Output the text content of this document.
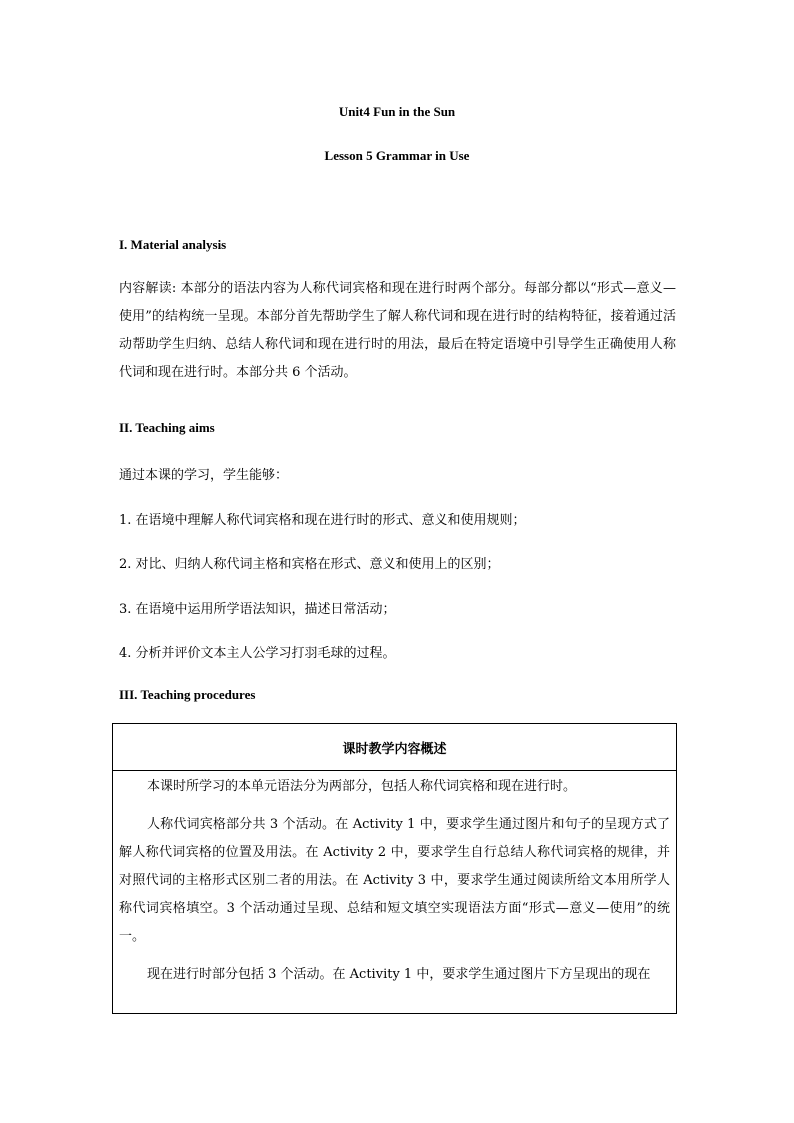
Unit4 Fun in the Sun
Lesson 5 Grammar in Use
I. Material analysis
内容解读: 本部分的语法内容为人称代词宾格和现在进行时两个部分。每部分都以“形式—意义—使用”的结构统一呈现。本部分首先帮助学生了解人称代词和现在进行时的结构特征，接着通过活动帮助学生归纳、总结人称代词和现在进行时的用法，最后在特定语境中引导学生正确使用人称代词和现在进行时。本部分共 6 个活动。
II. Teaching aims
通过本课的学习，学生能够：
1. 在语境中理解人称代词宾格和现在进行时的形式、意义和使用规则；
2. 对比、归纳人称代词主格和宾格在形式、意义和使用上的区别；
3. 在语境中运用所学语法知识，描述日常活动；
4. 分析并评价文本主人公学习打羽毛球的过程。
III. Teaching procedures
课时教学内容概述

本课时所学习的本单元语法分为两部分，包括人称代词宾格和现在进行时。

人称代词宾格部分共 3 个活动。在 Activity 1 中，要求学生通过图片和句子的呈现方式了解人称代词宾格的位置及用法。在 Activity 2 中，要求学生自行总结人称代词宾格的规律，并对照代词的主格形式区别二者的用法。在 Activity 3 中，要求学生通过阅读所给文本用所学人称代词宾格填空。3 个活动通过呈现、总结和短文填空实现语法方面“形式—意义—使用”的统一。

现在进行时部分包括 3 个活动。在 Activity 1 中，要求学生通过图片下方呈现出的现在
